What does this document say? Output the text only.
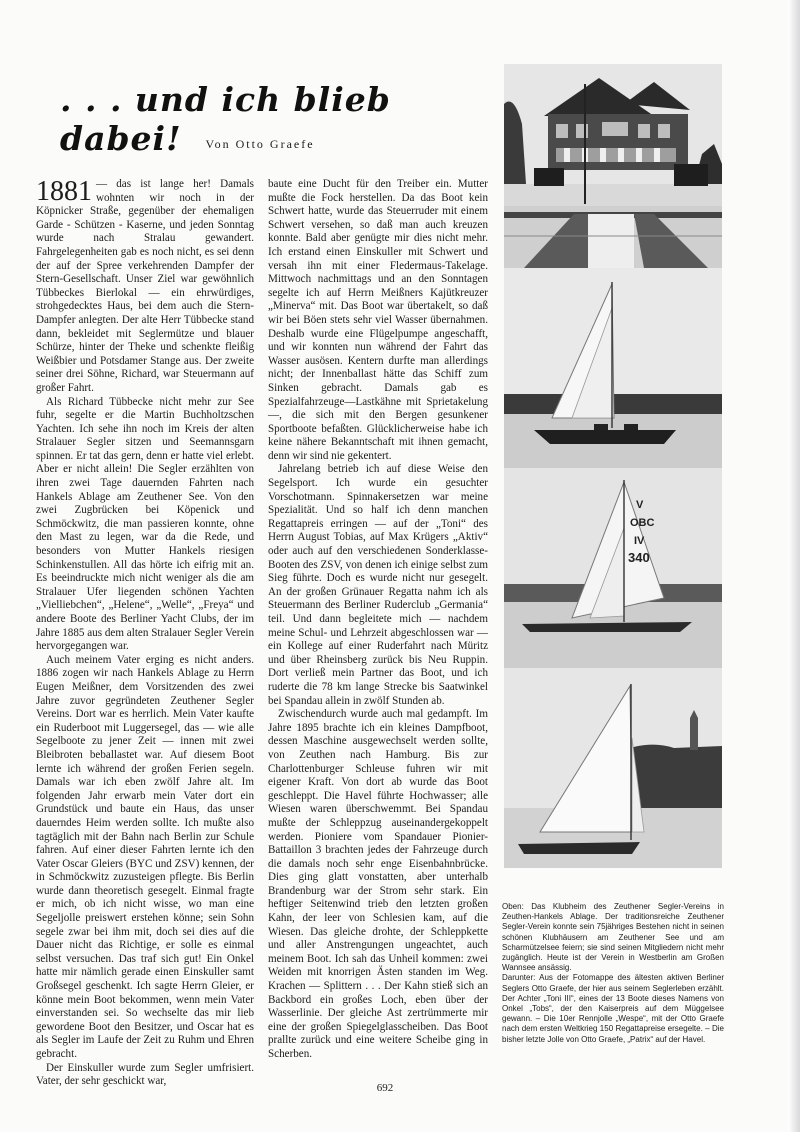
. . . und ich blieb dabei!	Von Otto Graefe

1881 — das ist lange her! Damals wohnten wir noch in der Köpnicker Straße, gegenüber der ehemaligen Garde - Schützen - Kaserne, und jeden Sonntag wurde nach Stralau gewandert. Fahrgelegenheiten gab es noch nicht, es sei denn der auf der Spree verkehrenden Dampfer der Stern-Gesellschaft. Unser Ziel war gewöhnlich Tübbeckes Bierlokal — ein ehrwürdiges, strohgedecktes Haus, bei dem auch die Stern-Dampfer anlegten. Der alte Herr Tübbecke stand dann, bekleidet mit Seglermütze und blauer Schürze, hinter der Theke und schenkte fleißig Weißbier und Potsdamer Stange aus. Der zweite seiner drei Söhne, Richard, war Steuermann auf großer Fahrt.

Als Richard Tübbecke nicht mehr zur See fuhr, segelte er die Martin Buchholtzschen Yachten. Ich sehe ihn noch im Kreis der alten Stralauer Segler sitzen und Seemannsgarn spinnen. Er tat das gern, denn er hatte viel erlebt. Aber er nicht allein! Die Segler erzählten von ihren zwei Tage dauernden Fahrten nach Hankels Ablage am Zeuthener See. Von den zwei Zugbrücken bei Köpenick und Schmöckwitz, die man passieren konnte, ohne den Mast zu legen, war da die Rede, und besonders von Mutter Hankels riesigen Schinkenstullen. All das hörte ich eifrig mit an. Es beeindruckte mich nicht weniger als die am Stralauer Ufer liegenden schönen Yachten „Vielliebchen“, „Helene“, „Welle“, „Freya“ und andere Boote des Berliner Yacht Clubs, der im Jahre 1885 aus dem alten Stralauer Segler Verein hervorgegangen war.

Auch meinem Vater erging es nicht anders. 1886 zogen wir nach Hankels Ablage zu Herrn Eugen Meißner, dem Vorsitzenden des zwei Jahre zuvor gegründeten Zeuthener Segler Vereins. Dort war es herrlich. Mein Vater kaufte ein Ruderboot mit Luggersegel, das — wie alle Segelboote zu jener Zeit — innen mit zwei Bleibroten beballastet war. Auf diesem Boot lernte ich während der großen Ferien segeln. Damals war ich eben zwölf Jahre alt. Im folgenden Jahr erwarb mein Vater dort ein Grundstück und baute ein Haus, das unser dauerndes Heim werden sollte. Ich mußte also tagtäglich mit der Bahn nach Berlin zur Schule fahren. Auf einer dieser Fahrten lernte ich den Vater Oscar Gleiers (BYC und ZSV) kennen, der in Schmöckwitz zuzusteigen pflegte. Bis Berlin wurde dann theoretisch gesegelt. Einmal fragte er mich, ob ich nicht wisse, wo man eine Segeljolle preiswert erstehen könne; sein Sohn segele zwar bei ihm mit, doch sei dies auf die Dauer nicht das Richtige, er solle es einmal selbst versuchen. Das traf sich gut! Ein Onkel hatte mir nämlich gerade einen Einskuller samt Großsegel geschenkt. Ich sagte Herrn Gleier, er könne mein Boot bekommen, wenn mein Vater einverstanden sei. So wechselte das mir lieb gewordene Boot den Besitzer, und Oscar hat es als Segler im Laufe der Zeit zu Ruhm und Ehren gebracht.

Der Einskuller wurde zum Segler umfrisiert. Vater, der sehr geschickt war,

baute eine Ducht für den Treiber ein. Mutter mußte die Fock herstellen. Da das Boot kein Schwert hatte, wurde das Steuerruder mit einem Schwert versehen, so daß man auch kreuzen konnte. Bald aber genügte mir dies nicht mehr. Ich erstand einen Einskuller mit Schwert und versah ihn mit einer Fledermaus-Takelage. Mittwoch nachmittags und an den Sonntagen segelte ich auf Herrn Meißners Kajütkreuzer „Minerva“ mit. Das Boot war übertakelt, so daß wir bei Böen stets sehr viel Wasser übernahmen. Deshalb wurde eine Flügelpumpe angeschafft, und wir konnten nun während der Fahrt das Wasser ausösen. Kentern durfte man allerdings nicht; der Innenballast hätte das Schiff zum Sinken gebracht. Damals gab es Spezialfahrzeuge—Lastkähne mit Sprietakelung—, die sich mit den Bergen gesunkener Sportboote befaßten. Glücklicherweise habe ich keine nähere Bekanntschaft mit ihnen gemacht, denn wir sind nie gekentert.

Jahrelang betrieb ich auf diese Weise den Segelsport. Ich wurde ein gesuchter Vorschotmann. Spinnakersetzen war meine Spezialität. Und so half ich denn manchen Regattapreis erringen — auf der „Toni“ des Herrn August Tobias, auf Max Krügers „Aktiv“ oder auch auf den verschiedenen Sonderklasse-Booten des ZSV, von denen ich einige selbst zum Sieg führte. Doch es wurde nicht nur gesegelt. An der großen Grünauer Regatta nahm ich als Steuermann des Berliner Ruderclub „Germania“ teil. Und dann begleitete mich — nachdem meine Schul- und Lehrzeit abgeschlossen war — ein Kollege auf einer Ruderfahrt nach Müritz und über Rheinsberg zurück bis Neu Ruppin. Dort verließ mein Partner das Boot, und ich ruderte die 78 km lange Strecke bis Saatwinkel bei Spandau allein in zwölf Stunden ab.

Zwischendurch wurde auch mal gedampft. Im Jahre 1895 brachte ich ein kleines Dampfboot, dessen Maschine ausgewechselt werden sollte, von Zeuthen nach Hamburg. Bis zur Charlottenburger Schleuse fuhren wir mit eigener Kraft. Von dort ab wurde das Boot geschleppt. Die Havel führte Hochwasser; alle Wiesen waren überschwemmt. Bei Spandau mußte der Schleppzug auseinandergekoppelt werden. Pioniere vom Spandauer Pionier-Battaillon 3 brachten jedes der Fahrzeuge durch die damals noch sehr enge Eisenbahnbrücke. Dies ging glatt vonstatten, aber unterhalb Brandenburg war der Strom sehr stark. Ein heftiger Seitenwind trieb den letzten großen Kahn, der leer von Schlesien kam, auf die Wiesen. Das gleiche drohte, der Schleppkette und aller Anstrengungen ungeachtet, auch meinem Boot. Ich sah das Unheil kommen: zwei Weiden mit knorrigen Ästen standen im Weg. Krachen — Splittern . . . Der Kahn stieß sich an Backbord ein großes Loch, eben über der Wasserlinie. Der gleiche Ast zertrümmerte mir eine der großen Spiegelglasscheiben. Das Boot prallte zurück und eine weitere Scheibe ging in Scherben.

V
OBC
IV
340

Oben: Das Klubheim des Zeuthener Segler-Vereins in Zeuthen-Hankels Ablage. Der traditionsreiche Zeuthener Segler-Verein konnte sein 75jähriges Bestehen nicht in seinen schönen Klubhäusern am Zeuthener See und am Scharmützelsee feiern; sie sind seinen Mitgliedern nicht mehr zugänglich. Heute ist der Verein in Westberlin am Großen Wannsee ansässig.

Darunter: Aus der Fotomappe des ältesten aktiven Berliner Seglers Otto Graefe, der hier aus seinem Seglerleben erzählt. Der Achter „Toni III“, eines der 13 Boote dieses Namens von Onkel „Tobs“, der den Kaiserpreis auf dem Müggelsee gewann. – Die 10er Rennjolle „Wespe“, mit der Otto Graefe nach dem ersten Weltkrieg 150 Regattapreise ersegelte. – Die bisher letzte Jolle von Otto Graefe, „Patrix“ auf der Havel.

692
